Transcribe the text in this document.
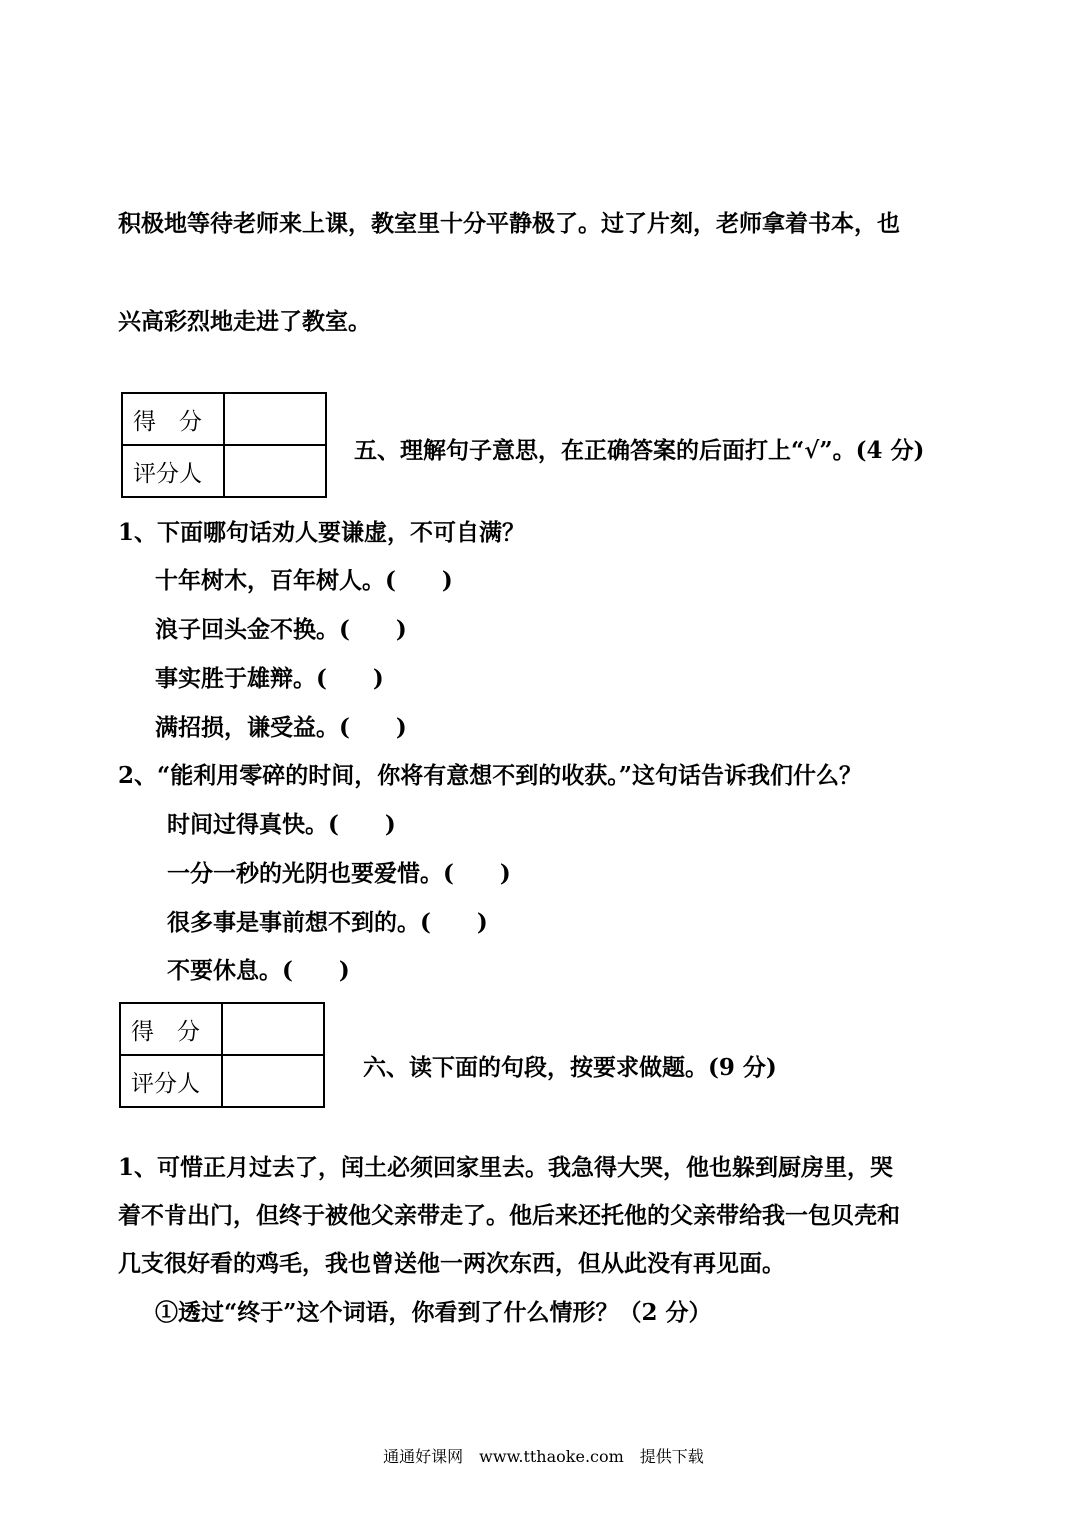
积极地等待老师来上课，教室里十分平静极了。过了片刻，老师拿着书本，也
兴高彩烈地走进了教室。
得　分	
评分人	
五、理解句子意思，在正确答案的后面打上“√”。(4 分)
1、下面哪句话劝人要谦虚，不可自满？
十年树木，百年树人。(　　)
浪子回头金不换。(　　)
事实胜于雄辩。(　　)
满招损，谦受益。(　　)
2、“能利用零碎的时间，你将有意想不到的收获。”这句话告诉我们什么？
时间过得真快。(　　)
一分一秒的光阴也要爱惜。(　　)
很多事是事前想不到的。(　　)
不要休息。(　　)
得　分	
评分人	
六、读下面的句段，按要求做题。(9 分)
1、可惜正月过去了，闰土必须回家里去。我急得大哭，他也躲到厨房里，哭
着不肯出门，但终于被他父亲带走了。他后来还托他的父亲带给我一包贝壳和
几支很好看的鸡毛，我也曾送他一两次东西，但从此没有再见面。
①透过“终于”这个词语，你看到了什么情形？（2 分）
通通好课网　www.tthaoke.com　提供下载
